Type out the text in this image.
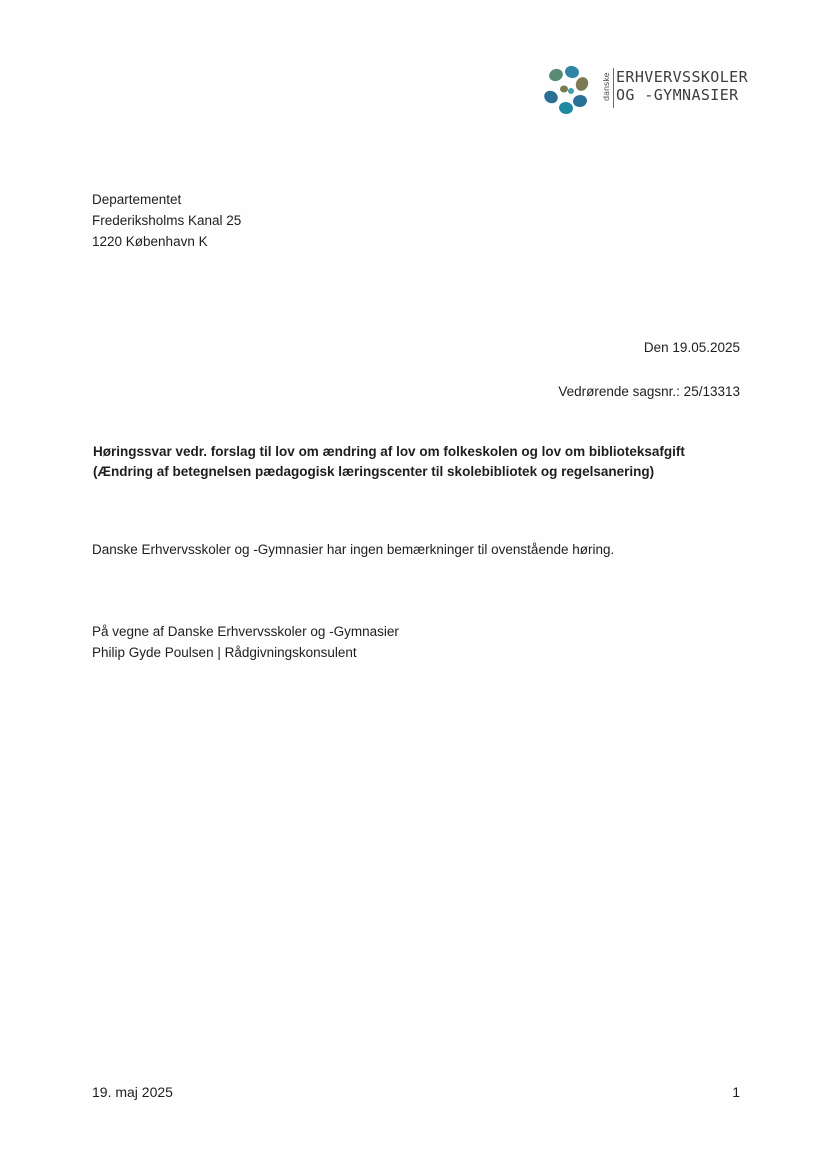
danske ERHVERVSSKOLER
OG -GYMNASIER
Departementet
Frederiksholms Kanal 25
1220 København K
Den 19.05.2025
Vedrørende sagsnr.: 25/13313
Høringssvar vedr. forslag til lov om ændring af lov om folkeskolen og lov om biblioteksafgift
(Ændring af betegnelsen pædagogisk læringscenter til skolebibliotek og regelsanering)
Danske Erhvervsskoler og -Gymnasier har ingen bemærkninger til ovenstående høring.
På vegne af Danske Erhvervsskoler og -Gymnasier
Philip Gyde Poulsen | Rådgivningskonsulent
19. maj 2025	1
